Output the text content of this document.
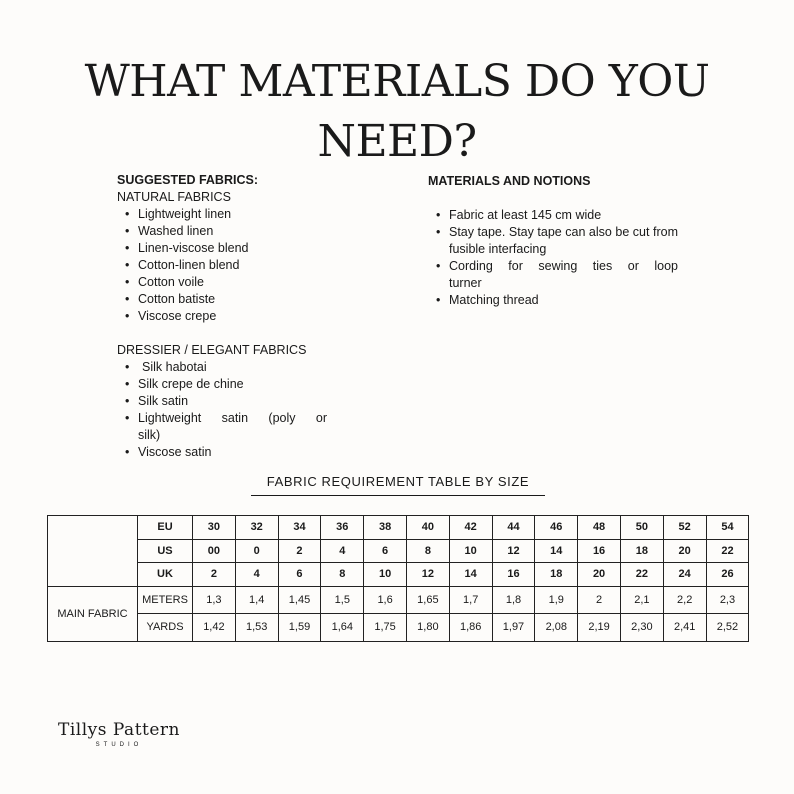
WHAT MATERIALS DO YOU
NEED?
SUGGESTED FABRICS:
NATURAL FABRICS
• Lightweight linen
• Washed linen
• Linen-viscose blend
• Cotton-linen blend
• Cotton voile
• Cotton batiste
• Viscose crepe
DRESSIER / ELEGANT FABRICS
• Silk habotai
• Silk crepe de chine
• Silk satin
• Lightweight satin (poly or silk)
• Viscose satin
MATERIALS AND NOTIONS
• Fabric at least 145 cm wide
• Stay tape. Stay tape can also be cut from fusible interfacing
• Cording for sewing ties or loop turner
• Matching thread
FABRIC REQUIREMENT TABLE BY SIZE
	EU	30	32	34	36	38	40	42	44	46	48	50	52	54
	US	00	0	2	4	6	8	10	12	14	16	18	20	22
	UK	2	4	6	8	10	12	14	16	18	20	22	24	26
MAIN FABRIC	METERS	1,3	1,4	1,45	1,5	1,6	1,65	1,7	1,8	1,9	2	2,1	2,2	2,3
	YARDS	1,42	1,53	1,59	1,64	1,75	1,80	1,86	1,97	2,08	2,19	2,30	2,41	2,52
Tillys Pattern
STUDIO
